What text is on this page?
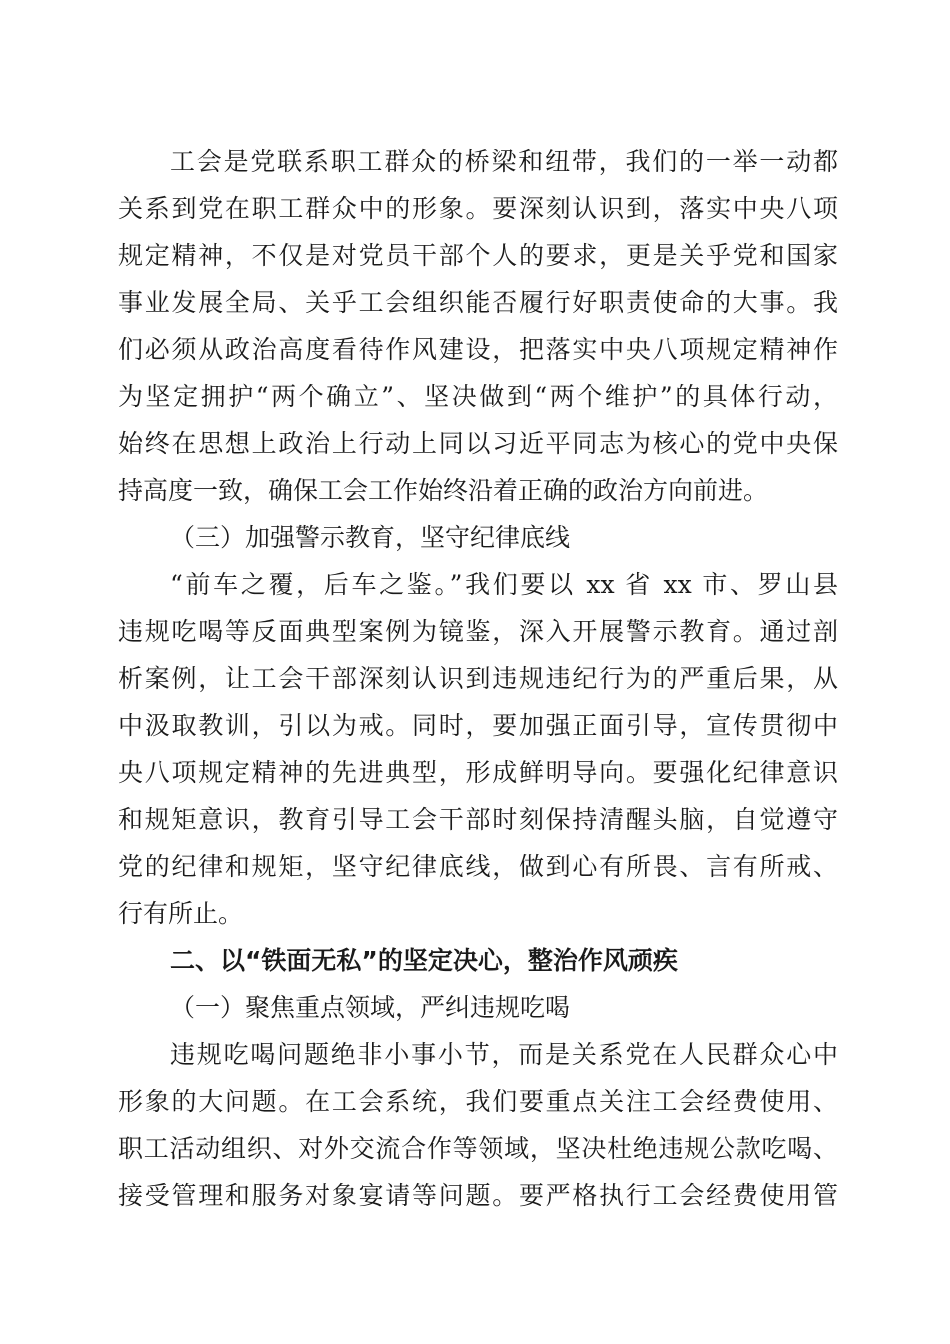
工会是党联系职工群众的桥梁和纽带，我们的一举一动都
关系到党在职工群众中的形象。要深刻认识到，落实中央八项
规定精神，不仅是对党员干部个人的要求，更是关乎党和国家
事业发展全局、关乎工会组织能否履行好职责使命的大事。我
们必须从政治高度看待作风建设，把落实中央八项规定精神作
为坚定拥护“两个确立”、坚决做到“两个维护”的具体行动，
始终在思想上政治上行动上同以习近平同志为核心的党中央保
持高度一致，确保工会工作始终沿着正确的政治方向前进。
（三）加强警示教育，坚守纪律底线
“前车之覆，后车之鉴。”我们要以 xx 省 xx 市、罗山县
违规吃喝等反面典型案例为镜鉴，深入开展警示教育。通过剖
析案例，让工会干部深刻认识到违规违纪行为的严重后果，从
中汲取教训，引以为戒。同时，要加强正面引导，宣传贯彻中
央八项规定精神的先进典型，形成鲜明导向。要强化纪律意识
和规矩意识，教育引导工会干部时刻保持清醒头脑，自觉遵守
党的纪律和规矩，坚守纪律底线，做到心有所畏、言有所戒、
行有所止。
二、以“铁面无私”的坚定决心，整治作风顽疾
（一）聚焦重点领域，严纠违规吃喝
违规吃喝问题绝非小事小节，而是关系党在人民群众心中
形象的大问题。在工会系统，我们要重点关注工会经费使用、
职工活动组织、对外交流合作等领域，坚决杜绝违规公款吃喝、
接受管理和服务对象宴请等问题。要严格执行工会经费使用管
